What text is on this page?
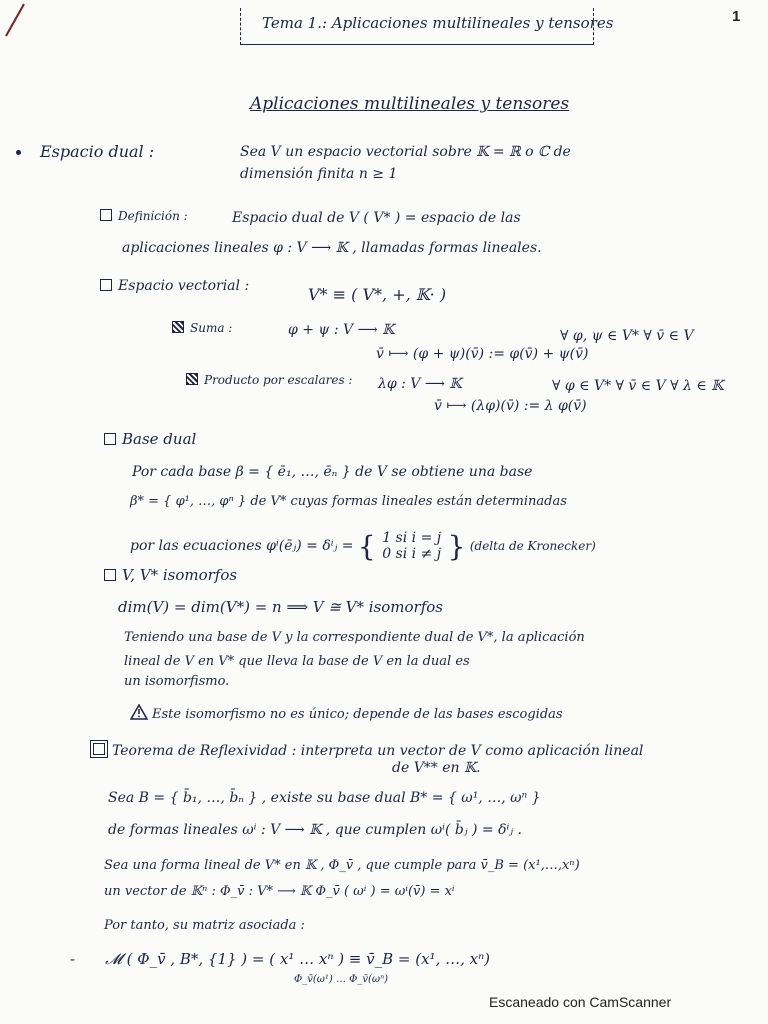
Tema 1.: Aplicaciones multilineales y tensores	1
Aplicaciones multilineales y tensores
Espacio dual :	Sea V un espacio vectorial sobre 𝕂 = ℝ o ℂ de
dimensión finita n ≥ 1
Definición :	Espacio dual de V ( V* ) = espacio de las
aplicaciones lineales φ : V ⟶ 𝕂 , llamadas formas lineales.
Espacio vectorial :	V* ≡ ( V*, +, 𝕂· )
Suma :	φ + ψ : V ⟶ 𝕂	∀ φ, ψ ∈ V* ∀ v̄ ∈ V
v̄ ⟼ (φ + ψ)(v̄) := φ(v̄) + ψ(v̄)
Producto por escalares : λφ : V ⟶ 𝕂	∀ φ ∈ V* ∀ v̄ ∈ V ∀ λ ∈ 𝕂
v̄ ⟼ (λφ)(v̄) := λ φ(v̄)
Base dual
Por cada base β = { ē₁, …, ēₙ } de V se obtiene una base
β* = { φ¹, …, φⁿ } de V* cuyas formas lineales están determinadas
por las ecuaciones φⁱ(ēⱼ) = δⁱⱼ = { 1 si i = j
0 si i ≠ j } (delta de Kronecker)
V, V* isomorfos
dim(V) = dim(V*) = n ⟹ V ≅ V* isomorfos
Teniendo una base de V y la correspondiente dual de V*, la aplicación
lineal de V en V* que lleva la base de V en la dual es
un isomorfismo.
Este isomorfismo no es único; depende de las bases escogidas
Teorema de Reflexividad : interpreta un vector de V como aplicación lineal
de V** en 𝕂.
Sea B = { b̄₁, …, b̄ₙ } , existe su base dual B* = { ω¹, …, ωⁿ }
de formas lineales ωⁱ : V ⟶ 𝕂 , que cumplen ωⁱ( b̄ⱼ ) = δⁱⱼ .
Sea una forma lineal de V* en 𝕂 , Φ_v̄ , que cumple para v̄_B = (x¹,…,xⁿ)
un vector de 𝕂ⁿ : Φ_v̄ : V* ⟶ 𝕂 Φ_v̄ ( ωⁱ ) = ωⁱ(v̄) = xⁱ
Por tanto, su matriz asociada :
- 𝓜 ( Φ_v̄ , B*, {1} ) = ( x¹ … xⁿ ) ≡ v̄_B = (x¹, …, xⁿ)
Φ_v̄(ω¹) … Φ_v̄(ωⁿ)
Escaneado con CamScanner
